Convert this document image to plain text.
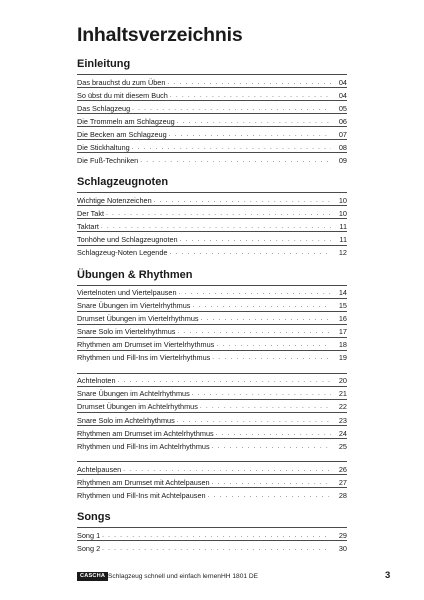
Inhaltsverzeichnis
Einleitung
Das brauchst du zum Üben . . .	04
So übst du mit diesem Buch . . .	04
Das Schlagzeug . . .	05
Die Trommeln am Schlagzeug . . .	06
Die Becken am Schlagzeug . . .	07
Die Stickhaltung . . .	08
Die Fuß-Techniken . . .	09
Schlagzeugnoten
Wichtige Notenzeichen . . .	10
Der Takt . . .	10
Taktart . . .	11
Tonhöhe und Schlagzeugnoten . . .	11
Schlagzeug-Noten Legende . . .	12
Übungen & Rhythmen
Viertelnoten und Viertelpausen . . .	14
Snare Übungen im Viertelrhythmus . . .	15
Drumset Übungen im Viertelrhythmus . . .	16
Snare Solo im Viertelrhythmus . . .	17
Rhythmen am Drumset im Viertelrhythmus . . .	18
Rhythmen und Fill-Ins im Viertelrhythmus . . .	19
Achtelnoten . . .	20
Snare Übungen im Achtelrhythmus . . .	21
Drumset Übungen im Achtelrhythmus . . .	22
Snare Solo im Achtelrhythmus . . .	23
Rhythmen am Drumset im Achtelrhythmus . . .	24
Rhythmen und Fill-Ins im Achtelrhythmus . . .	25
Achtelpausen . . .	26
Rhythmen am Drumset mit Achtelpausen . . .	27
Rhythmen und Fill-Ins mit Achtelpausen . . .	28
Songs
Song 1 . . .	29
Song 2 . . .	30
CASCHA Schlagzeug schnell und einfach lernen HH 1801 DE	3
